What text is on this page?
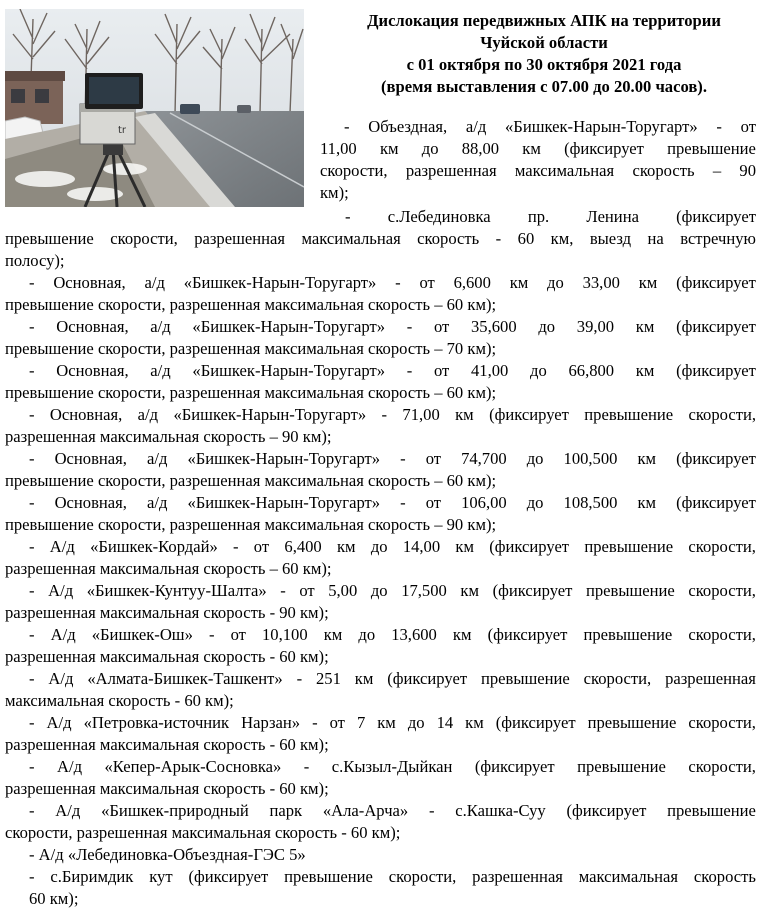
tr
Дислокация передвижных АПК на территории
Чуйской области
с 01 октября по 30 октября 2021 года
(время выставления с 07.00 до 20.00 часов).
- Объездная, а/д «Бишкек-Нарын-Торугарт» - от
11,00 км до 88,00 км (фиксирует превышение
скорости, разрешенная максимальная скорость – 90
км);
- с.Лебединовка пр. Ленина (фиксирует
превышение скорости, разрешенная максимальная скорость - 60 км, выезд на встречную
полосу);
- Основная, а/д «Бишкек-Нарын-Торугарт» - от 6,600 км до 33,00 км (фиксирует
превышение скорости, разрешенная максимальная скорость – 60 км);
- Основная, а/д «Бишкек-Нарын-Торугарт» - от 35,600 до 39,00 км (фиксирует
превышение скорости, разрешенная максимальная скорость – 70 км);
- Основная, а/д «Бишкек-Нарын-Торугарт» - от 41,00 до 66,800 км (фиксирует
превышение скорости, разрешенная максимальная скорость – 60 км);
- Основная, а/д «Бишкек-Нарын-Торугарт» - 71,00 км (фиксирует превышение скорости,
разрешенная максимальная скорость – 90 км);
- Основная, а/д «Бишкек-Нарын-Торугарт» - от 74,700 до 100,500 км (фиксирует
превышение скорости, разрешенная максимальная скорость – 60 км);
- Основная, а/д «Бишкек-Нарын-Торугарт» - от 106,00 до 108,500 км (фиксирует
превышение скорости, разрешенная максимальная скорость – 90 км);
- А/д «Бишкек-Кордай» - от 6,400 км до 14,00 км (фиксирует превышение скорости,
разрешенная максимальная скорость – 60 км);
- А/д «Бишкек-Кунтуу-Шалта» - от 5,00 до 17,500 км (фиксирует превышение скорости,
разрешенная максимальная скорость - 90 км);
- А/д «Бишкек-Ош» - от 10,100 км до 13,600 км (фиксирует превышение скорости,
разрешенная максимальная скорость - 60 км);
- А/д «Алмата-Бишкек-Ташкент» - 251 км (фиксирует превышение скорости, разрешенная
максимальная скорость - 60 км);
- А/д «Петровка-источник Нарзан» - от 7 км до 14 км (фиксирует превышение скорости,
разрешенная максимальная скорость - 60 км);
- А/д «Кепер-Арык-Сосновка» - с.Кызыл-Дыйкан (фиксирует превышение скорости,
разрешенная максимальная скорость - 60 км);
- А/д «Бишкек-природный парк «Ала-Арча» - с.Кашка-Суу (фиксирует превышение
скорости, разрешенная максимальная скорость - 60 км);
- А/д «Лебединовка-Объездная-ГЭС 5»
- с.Биримдик кут (фиксирует превышение скорости, разрешенная максимальная скорость
60 км);
